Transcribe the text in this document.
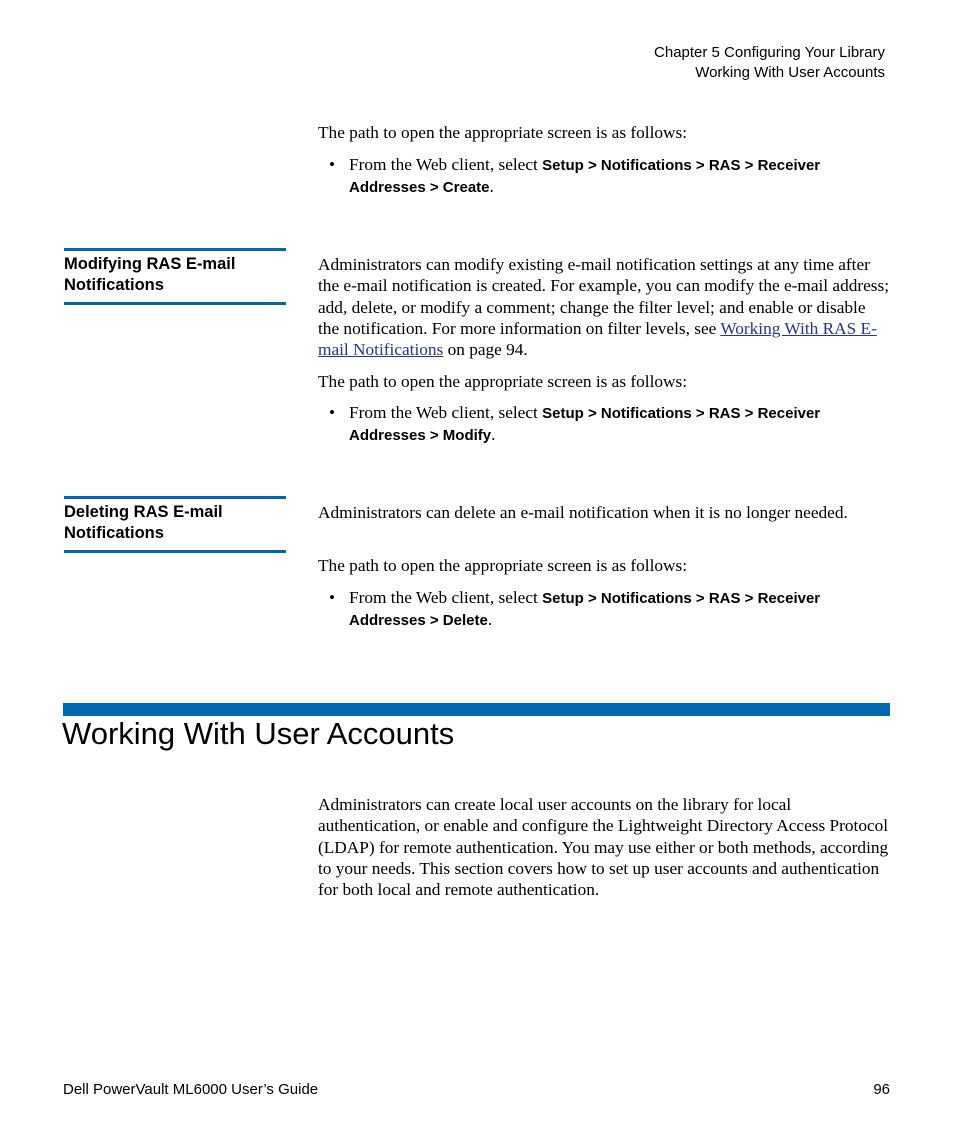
Chapter 5 Configuring Your Library
Working With User Accounts

The path to open the appropriate screen is as follows:

• From the Web client, select Setup > Notifications > RAS > Receiver Addresses > Create.
Modifying RAS E-mail Notifications

Administrators can modify existing e-mail notification settings at any time after the e-mail notification is created. For example, you can modify the e-mail address; add, delete, or modify a comment; change the filter level; and enable or disable the notification. For more information on filter levels, see Working With RAS E-mail Notifications on page 94.

The path to open the appropriate screen is as follows:

• From the Web client, select Setup > Notifications > RAS > Receiver Addresses > Modify.
Deleting RAS E-mail Notifications

Administrators can delete an e-mail notification when it is no longer needed.

The path to open the appropriate screen is as follows:

• From the Web client, select Setup > Notifications > RAS > Receiver Addresses > Delete.
Working With User Accounts

Administrators can create local user accounts on the library for local authentication, or enable and configure the Lightweight Directory Access Protocol (LDAP) for remote authentication. You may use either or both methods, according to your needs. This section covers how to set up user accounts and authentication for both local and remote authentication.

Dell PowerVault ML6000 User’s Guide	96
